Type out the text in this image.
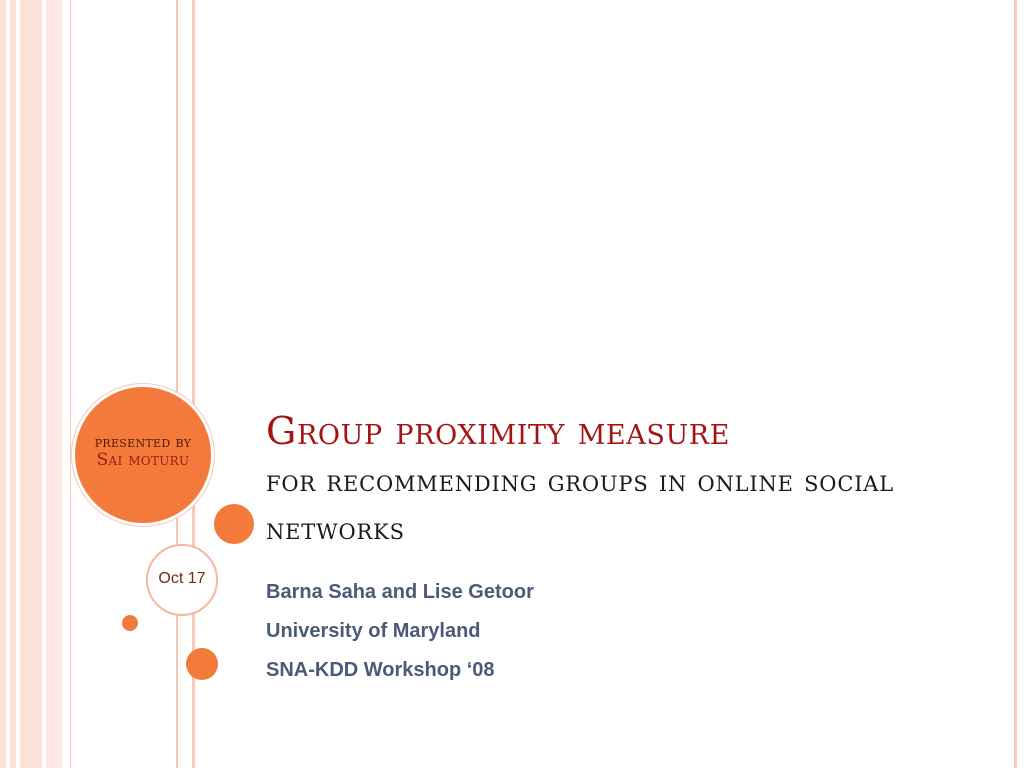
presented by
Sai moturu
Oct 17
Group proximity measure
for recommending groups in online social networks
Barna Saha and Lise Getoor
University of Maryland
SNA-KDD Workshop ‘08
